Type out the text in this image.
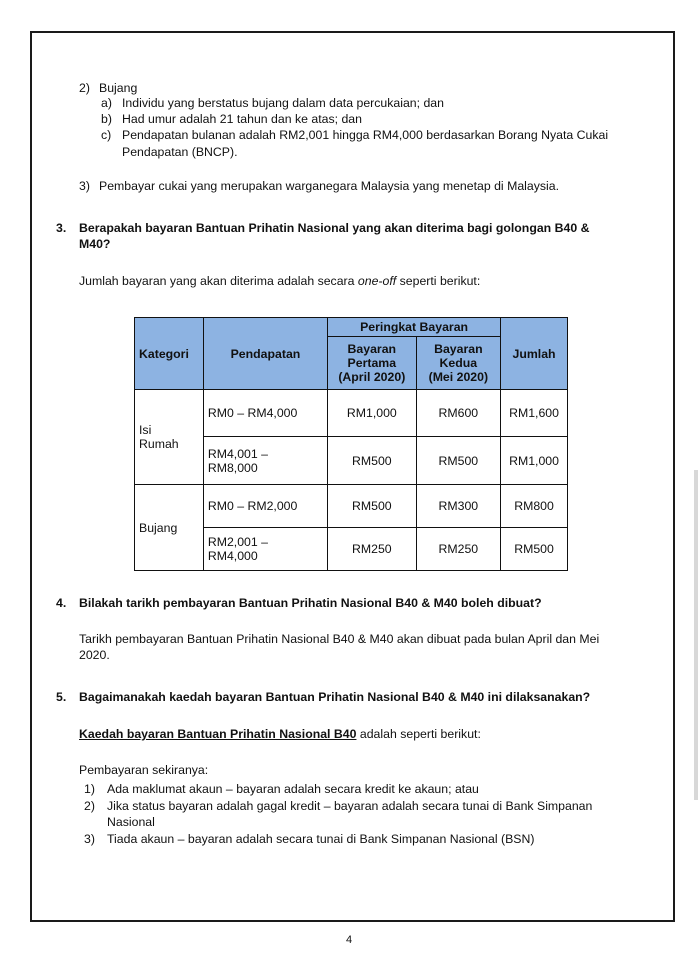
2) Bujang
a) Individu yang berstatus bujang dalam data percukaian; dan
b) Had umur adalah 21 tahun dan ke atas; dan
c) Pendapatan bulanan adalah RM2,001 hingga RM4,000 berdasarkan Borang Nyata Cukai
Pendapatan (BNCP).
3) Pembayar cukai yang merupakan warganegara Malaysia yang menetap di Malaysia.
3. Berapakah bayaran Bantuan Prihatin Nasional yang akan diterima bagi golongan B40 &
M40?
Jumlah bayaran yang akan diterima adalah secara one-off seperti berikut:
Kategori	Pendapatan	Peringkat Bayaran		Jumlah
		Bayaran
Pertama
(April 2020)	Bayaran
Kedua
(Mei 2020)	
Isi
Rumah	RM0 – RM4,000	RM1,000	RM600	RM1,600
	RM4,001 –
RM8,000	RM500	RM500	RM1,000
Bujang	RM0 – RM2,000	RM500	RM300	RM800
	RM2,001 –
RM4,000	RM250	RM250	RM500
4. Bilakah tarikh pembayaran Bantuan Prihatin Nasional B40 & M40 boleh dibuat?
Tarikh pembayaran Bantuan Prihatin Nasional B40 & M40 akan dibuat pada bulan April dan Mei
2020.
5. Bagaimanakah kaedah bayaran Bantuan Prihatin Nasional B40 & M40 ini dilaksanakan?
Kaedah bayaran Bantuan Prihatin Nasional B40 adalah seperti berikut:
Pembayaran sekiranya:
1) Ada maklumat akaun – bayaran adalah secara kredit ke akaun; atau
2) Jika status bayaran adalah gagal kredit – bayaran adalah secara tunai di Bank Simpanan
Nasional
3) Tiada akaun – bayaran adalah secara tunai di Bank Simpanan Nasional (BSN)
4
